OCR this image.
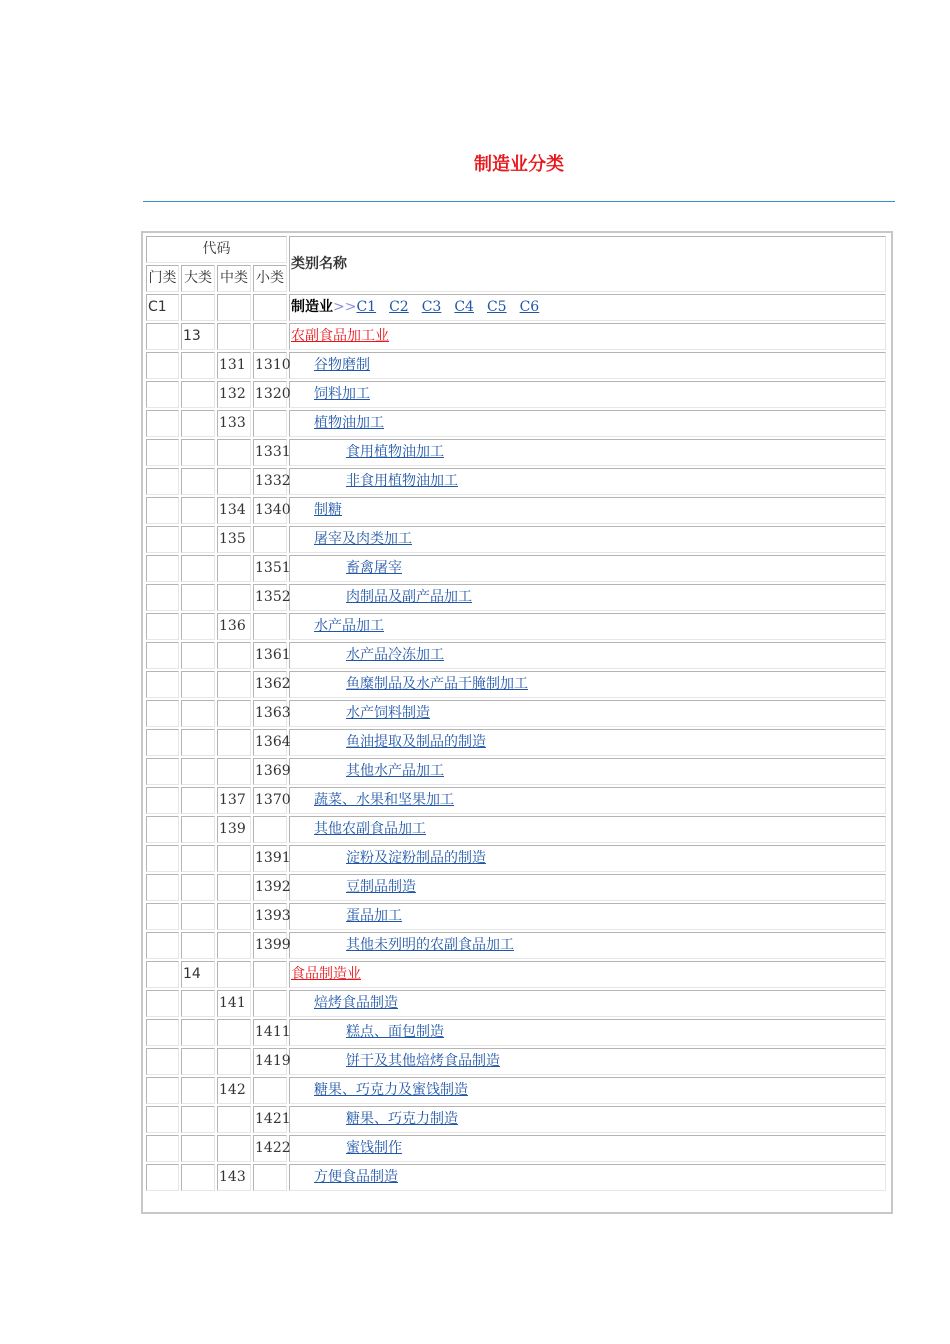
制造业分类
代码				类别名称
门类	大类	中类	小类	
C1				制造业>>C1 C2 C3 C4 C5 C6
	13			农副食品加工业
		131	1310	谷物磨制
		132	1320	饲料加工
		133		植物油加工
			1331	食用植物油加工
			1332	非食用植物油加工
		134	1340	制糖
		135		屠宰及肉类加工
			1351	畜禽屠宰
			1352	肉制品及副产品加工
		136		水产品加工
			1361	水产品冷冻加工
			1362	鱼糜制品及水产品干腌制加工
			1363	水产饲料制造
			1364	鱼油提取及制品的制造
			1369	其他水产品加工
		137	1370	蔬菜、水果和坚果加工
		139		其他农副食品加工
			1391	淀粉及淀粉制品的制造
			1392	豆制品制造
			1393	蛋品加工
			1399	其他未列明的农副食品加工
	14			食品制造业
		141		焙烤食品制造
			1411	糕点、面包制造
			1419	饼干及其他焙烤食品制造
		142		糖果、巧克力及蜜饯制造
			1421	糖果、巧克力制造
			1422	蜜饯制作
		143		方便食品制造
